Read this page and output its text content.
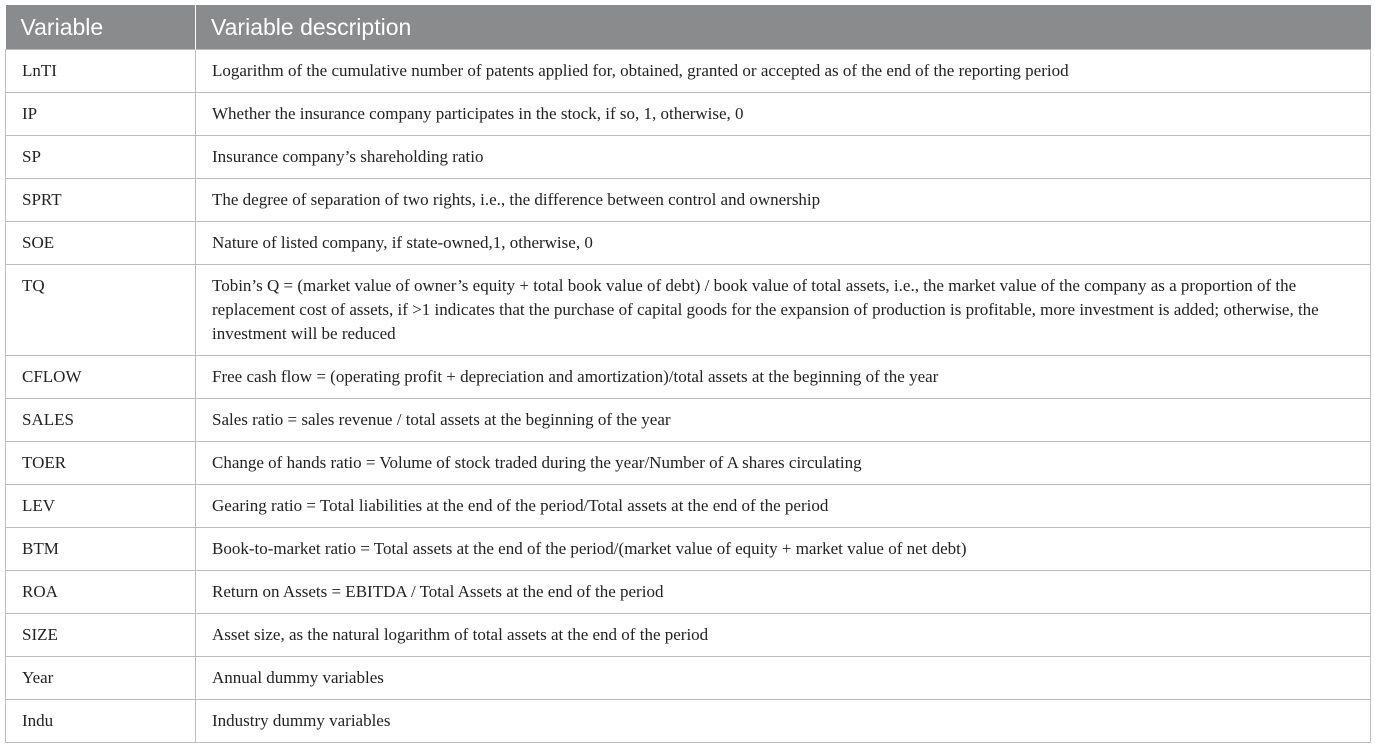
Variable	Variable description
LnTI	Logarithm of the cumulative number of patents applied for, obtained, granted or accepted as of the end of the reporting period
IP	Whether the insurance company participates in the stock, if so, 1, otherwise, 0
SP	Insurance company’s shareholding ratio
SPRT	The degree of separation of two rights, i.e., the difference between control and ownership
SOE	Nature of listed company, if state-owned,1, otherwise, 0
TQ	Tobin’s Q = (market value of owner’s equity + total book value of debt) / book value of total assets, i.e., the market value of the company as a proportion of the replacement cost of assets, if >1 indicates that the purchase of capital goods for the expansion of production is profitable, more investment is added; otherwise, the investment will be reduced
CFLOW	Free cash flow = (operating profit + depreciation and amortization)/total assets at the beginning of the year
SALES	Sales ratio = sales revenue / total assets at the beginning of the year
TOER	Change of hands ratio = Volume of stock traded during the year/Number of A shares circulating
LEV	Gearing ratio = Total liabilities at the end of the period/Total assets at the end of the period
BTM	Book-to-market ratio = Total assets at the end of the period/(market value of equity + market value of net debt)
ROA	Return on Assets = EBITDA / Total Assets at the end of the period
SIZE	Asset size, as the natural logarithm of total assets at the end of the period
Year	Annual dummy variables
Indu	Industry dummy variables
